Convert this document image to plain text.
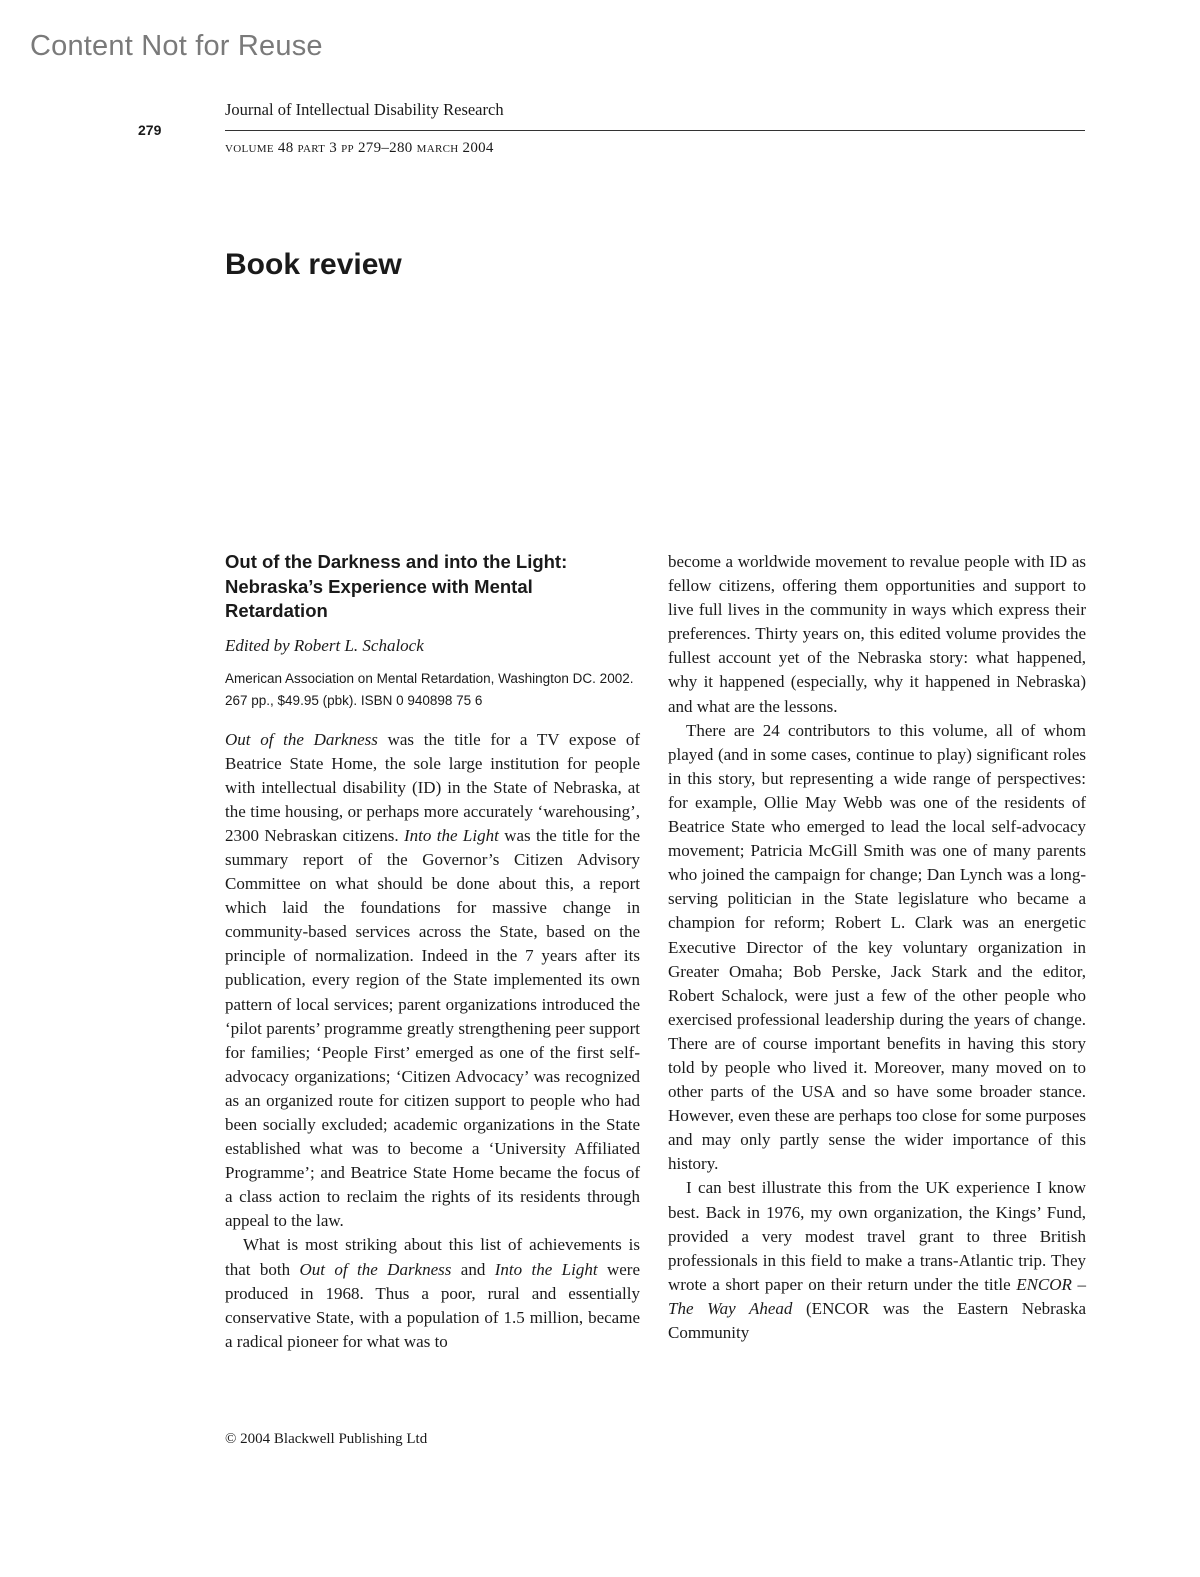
Content Not for Reuse
279
Journal of Intellectual Disability Research
volume 48 part 3 pp 279–280 march 2004
Book review
Out of the Darkness and into the Light: Nebraska’s Experience with Mental Retardation

Edited by Robert L. Schalock

American Association on Mental Retardation, Washington DC. 2002. 267 pp., $49.95 (pbk). ISBN 0 940898 75 6

Out of the Darkness was the title for a TV expose of Beatrice State Home, the sole large institution for people with intellectual disability (ID) in the State of Nebraska, at the time housing, or perhaps more accurately ‘warehousing’, 2300 Nebraskan citizens. Into the Light was the title for the summary report of the Governor’s Citizen Advisory Committee on what should be done about this, a report which laid the foundations for massive change in community-based services across the State, based on the principle of normalization. Indeed in the 7 years after its publication, every region of the State implemented its own pattern of local services; parent organizations introduced the ‘pilot parents’ programme greatly strengthening peer support for families; ‘People First’ emerged as one of the first self-advocacy organizations; ‘Citizen Advocacy’ was recognized as an organized route for citizen support to people who had been socially excluded; academic organizations in the State established what was to become a ‘University Affiliated Programme’; and Beatrice State Home became the focus of a class action to reclaim the rights of its residents through appeal to the law.

What is most striking about this list of achievements is that both Out of the Darkness and Into the Light were produced in 1968. Thus a poor, rural and essentially conservative State, with a population of 1.5 million, became a radical pioneer for what was to

become a worldwide movement to revalue people with ID as fellow citizens, offering them opportunities and support to live full lives in the community in ways which express their preferences. Thirty years on, this edited volume provides the fullest account yet of the Nebraska story: what happened, why it happened (especially, why it happened in Nebraska) and what are the lessons.

There are 24 contributors to this volume, all of whom played (and in some cases, continue to play) significant roles in this story, but representing a wide range of perspectives: for example, Ollie May Webb was one of the residents of Beatrice State who emerged to lead the local self-advocacy movement; Patricia McGill Smith was one of many parents who joined the campaign for change; Dan Lynch was a long-serving politician in the State legislature who became a champion for reform; Robert L. Clark was an energetic Executive Director of the key voluntary organization in Greater Omaha; Bob Perske, Jack Stark and the editor, Robert Schalock, were just a few of the other people who exercised professional leadership during the years of change. There are of course important benefits in having this story told by people who lived it. Moreover, many moved on to other parts of the USA and so have some broader stance. However, even these are perhaps too close for some purposes and may only partly sense the wider importance of this history.

I can best illustrate this from the UK experience I know best. Back in 1976, my own organization, the Kings’ Fund, provided a very modest travel grant to three British professionals in this field to make a trans-Atlantic trip. They wrote a short paper on their return under the title ENCOR – The Way Ahead (ENCOR was the Eastern Nebraska Community

© 2004 Blackwell Publishing Ltd
